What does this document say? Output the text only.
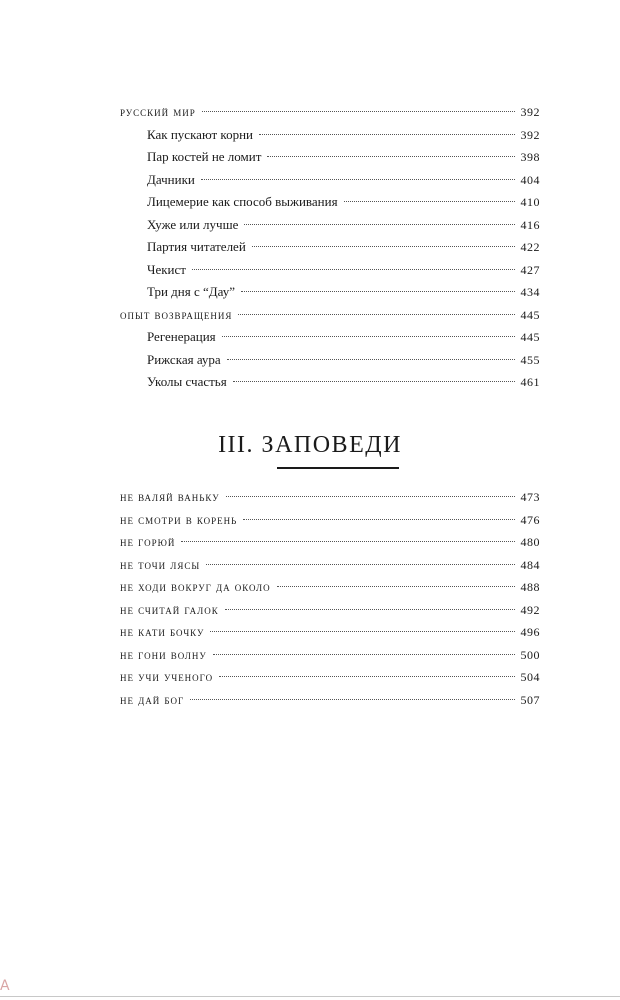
русский мир	392
Как пускают корни	392
Пар костей не ломит	398
Дачники	404
Лицемерие как способ выживания	410
Хуже или лучше	416
Партия читателей	422
Чекист	427
Три дня с “Дау”	434
опыт возвращения	445
Регенерация	445
Рижская аура	455
Уколы счастья	461
III. ЗАПОВЕДИ
не валяй ваньку	473
не смотри в корень	476
не горюй	480
не точи лясы	484
не ходи вокруг да около	488
не считай галок	492
не кати бочку	496
не гони волну	500
не учи ученого	504
не дай бог	507
A
